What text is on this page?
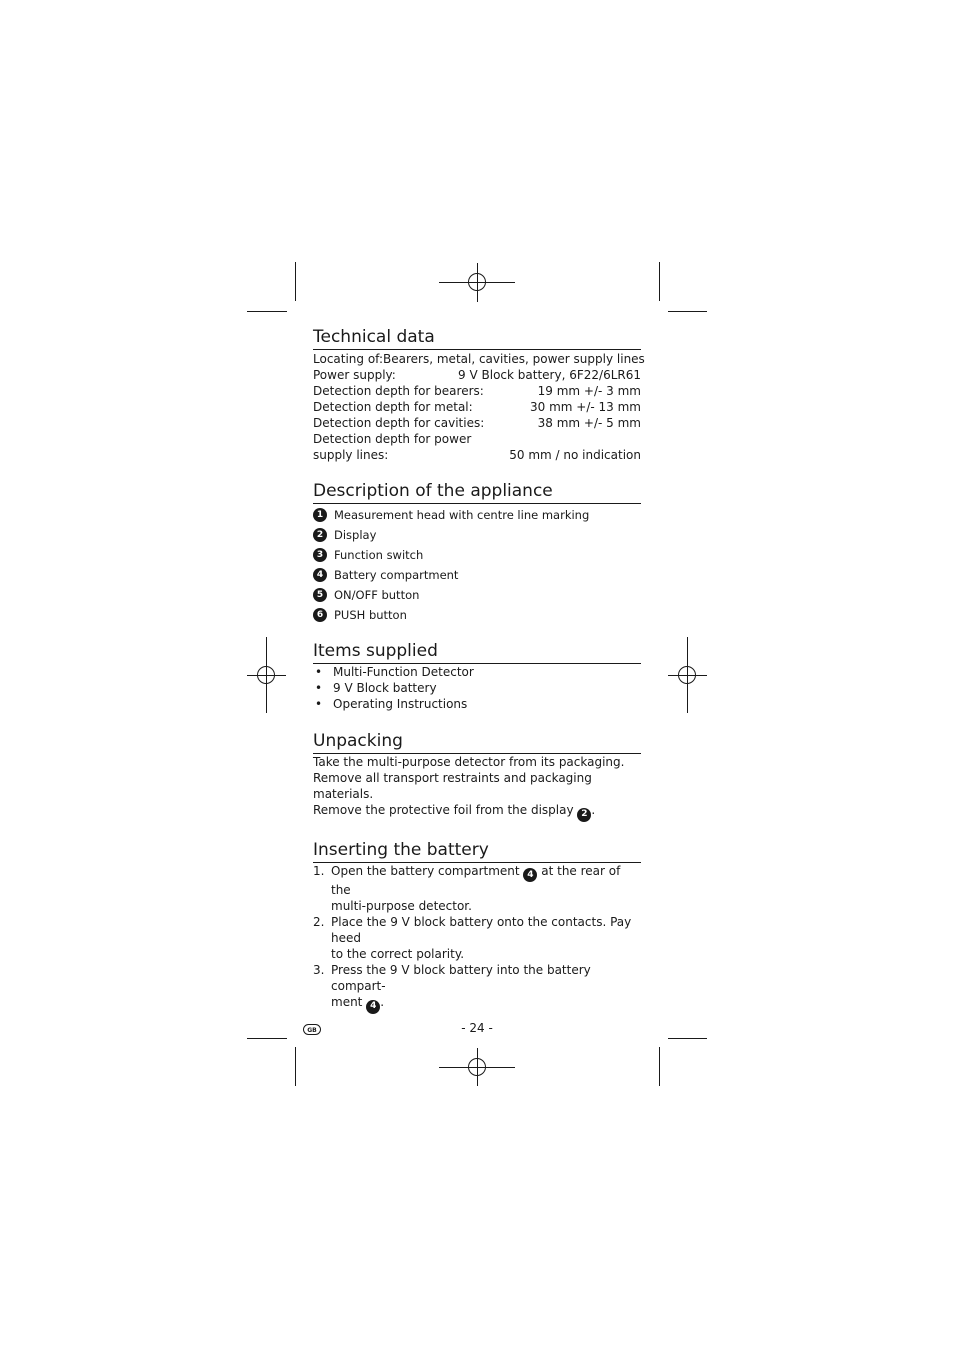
Technical data
Locating of: Bearers, metal, cavities, power supply lines
Power supply:	9 V Block battery, 6F22/6LR61
Detection depth for bearers:	19 mm +/- 3 mm
Detection depth for metal:	30 mm +/- 13 mm
Detection depth for cavities:	38 mm +/- 5 mm
Detection depth for power
supply lines:	50 mm / no indication
Description of the appliance
1 Measurement head with centre line marking
2 Display
3 Function switch
4 Battery compartment
5 ON/OFF button
6 PUSH button
Items supplied
• Multi-Function Detector
• 9 V Block battery
• Operating Instructions
Unpacking
Take the multi-purpose detector from its packaging.
Remove all transport restraints and packaging materials.
Remove the protective foil from the display 2 .
Inserting the battery
1. Open the battery compartment 4 at the rear of the
multi-purpose detector.
2. Place the 9 V block battery onto the contacts. Pay heed
to the correct polarity.
3. Press the 9 V block battery into the battery compart-
ment 4 .
GB	- 24 -
